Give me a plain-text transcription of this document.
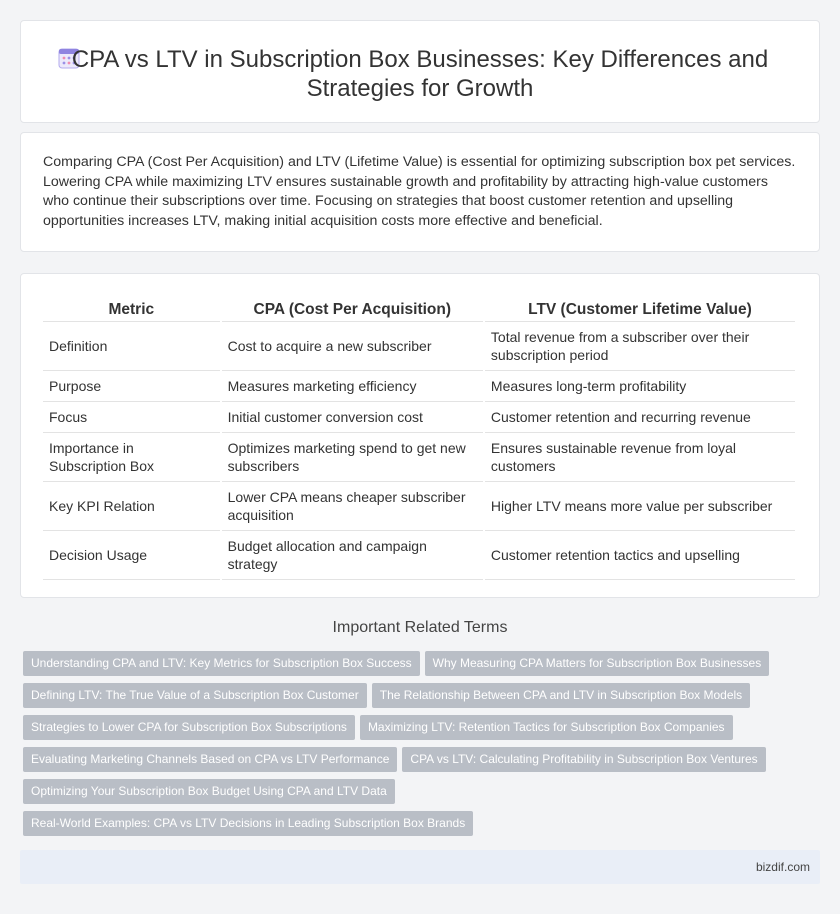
CPA vs LTV in Subscription Box Businesses: Key Differences and Strategies for Growth

Comparing CPA (Cost Per Acquisition) and LTV (Lifetime Value) is essential for optimizing subscription box pet services. Lowering CPA while maximizing LTV ensures sustainable growth and profitability by attracting high-value customers who continue their subscriptions over time. Focusing on strategies that boost customer retention and upselling opportunities increases LTV, making initial acquisition costs more effective and beneficial.

Metric	CPA (Cost Per Acquisition)	LTV (Customer Lifetime Value)
Definition	Cost to acquire a new subscriber	Total revenue from a subscriber over their subscription period
Purpose	Measures marketing efficiency	Measures long-term profitability
Focus	Initial customer conversion cost	Customer retention and recurring revenue
Importance in Subscription Box	Optimizes marketing spend to get new subscribers	Ensures sustainable revenue from loyal customers
Key KPI Relation	Lower CPA means cheaper subscriber acquisition	Higher LTV means more value per subscriber
Decision Usage	Budget allocation and campaign strategy	Customer retention tactics and upselling
Important Related Terms
Understanding CPA and LTV: Key Metrics for Subscription Box Success Why Measuring CPA Matters for Subscription Box Businesses
Defining LTV: The True Value of a Subscription Box Customer The Relationship Between CPA and LTV in Subscription Box Models
Strategies to Lower CPA for Subscription Box Subscriptions Maximizing LTV: Retention Tactics for Subscription Box Companies
Evaluating Marketing Channels Based on CPA vs LTV Performance CPA vs LTV: Calculating Profitability in Subscription Box Ventures
Optimizing Your Subscription Box Budget Using CPA and LTV Data
Real-World Examples: CPA vs LTV Decisions in Leading Subscription Box Brands
bizdif.com
